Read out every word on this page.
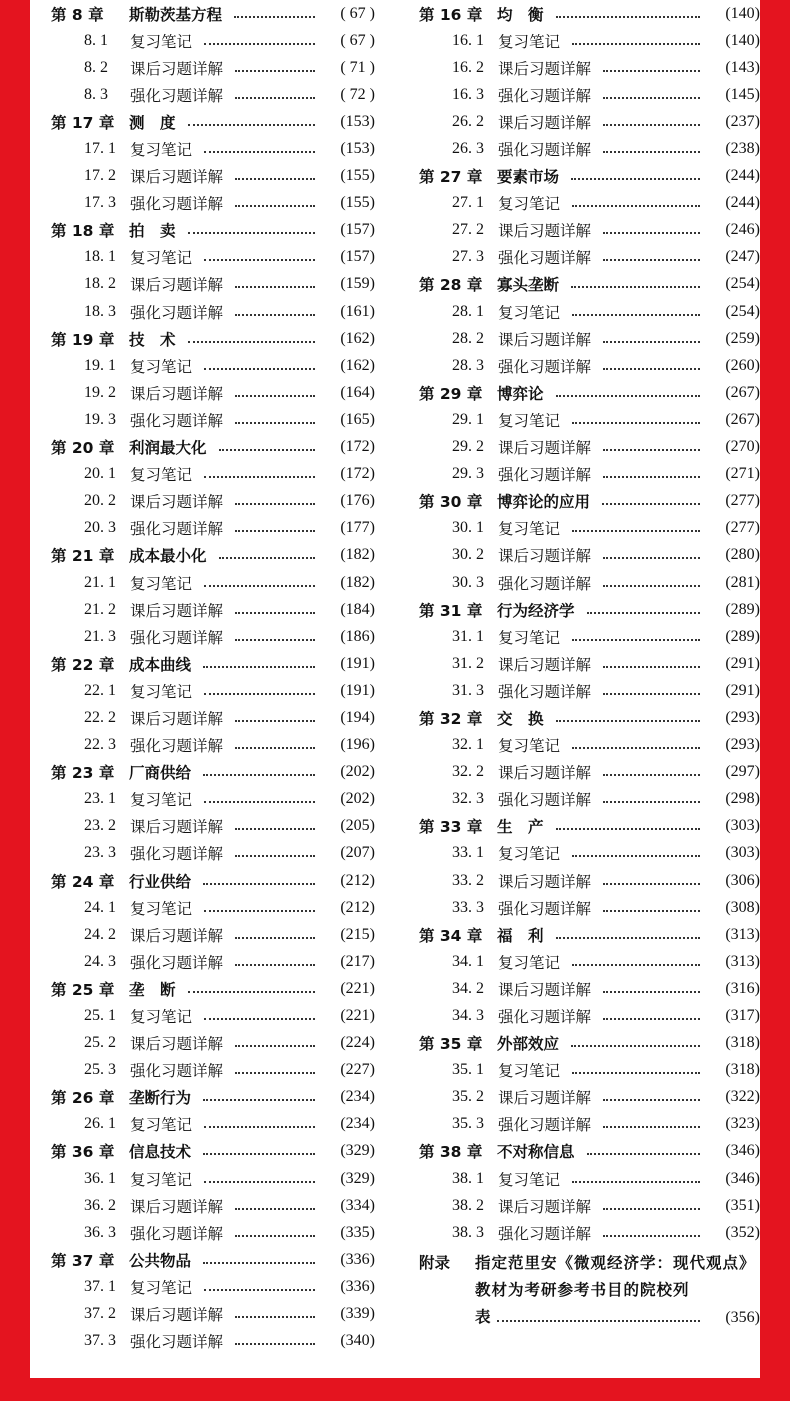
第 8 章	斯勒茨基方程	( 67 )
8. 1	复习笔记	( 67 )
8. 2	课后习题详解	( 71 )
8. 3	强化习题详解	( 72 )
第 17 章 测　度	(153)
17. 1 复习笔记	(153)
17. 2 课后习题详解	(155)
17. 3 强化习题详解	(155)
第 18 章 拍　卖	(157)
18. 1 复习笔记	(157)
18. 2 课后习题详解	(159)
18. 3 强化习题详解	(161)
第 19 章 技　术	(162)
19. 1 复习笔记	(162)
19. 2 课后习题详解	(164)
19. 3 强化习题详解	(165)
第 20 章 利润最大化	(172)
20. 1 复习笔记	(172)
20. 2 课后习题详解	(176)
20. 3 强化习题详解	(177)
第 21 章 成本最小化	(182)
21. 1 复习笔记	(182)
21. 2 课后习题详解	(184)
21. 3 强化习题详解	(186)
第 22 章 成本曲线	(191)
22. 1 复习笔记	(191)
22. 2 课后习题详解	(194)
22. 3 强化习题详解	(196)
第 23 章 厂商供给	(202)
23. 1 复习笔记	(202)
23. 2 课后习题详解	(205)
23. 3 强化习题详解	(207)
第 24 章 行业供给	(212)
24. 1 复习笔记	(212)
24. 2 课后习题详解	(215)
24. 3 强化习题详解	(217)
第 25 章 垄　断	(221)
25. 1 复习笔记	(221)
25. 2 课后习题详解	(224)
25. 3 强化习题详解	(227)
第 26 章 垄断行为	(234)
26. 1 复习笔记	(234)
第 36 章 信息技术	(329)
36. 1 复习笔记	(329)
36. 2 课后习题详解	(334)
36. 3 强化习题详解	(335)
第 37 章 公共物品	(336)
37. 1 复习笔记	(336)
37. 2 课后习题详解	(339)
37. 3 强化习题详解	(340)
第 16 章 均　衡	(140)
16. 1 复习笔记	(140)
16. 2 课后习题详解	(143)
16. 3 强化习题详解	(145)
26. 2 课后习题详解	(237)
26. 3 强化习题详解	(238)
第 27 章 要素市场	(244)
27. 1 复习笔记	(244)
27. 2 课后习题详解	(246)
27. 3 强化习题详解	(247)
第 28 章 寡头垄断	(254)
28. 1 复习笔记	(254)
28. 2 课后习题详解	(259)
28. 3 强化习题详解	(260)
第 29 章 博弈论	(267)
29. 1 复习笔记	(267)
29. 2 课后习题详解	(270)
29. 3 强化习题详解	(271)
第 30 章 博弈论的应用	(277)
30. 1 复习笔记	(277)
30. 2 课后习题详解	(280)
30. 3 强化习题详解	(281)
第 31 章 行为经济学	(289)
31. 1 复习笔记	(289)
31. 2 课后习题详解	(291)
31. 3 强化习题详解	(291)
第 32 章 交　换	(293)
32. 1 复习笔记	(293)
32. 2 课后习题详解	(297)
32. 3 强化习题详解	(298)
第 33 章 生　产	(303)
33. 1 复习笔记	(303)
33. 2 课后习题详解	(306)
33. 3 强化习题详解	(308)
第 34 章 福　利	(313)
34. 1 复习笔记	(313)
34. 2 课后习题详解	(316)
34. 3 强化习题详解	(317)
第 35 章 外部效应	(318)
35. 1 复习笔记	(318)
35. 2 课后习题详解	(322)
35. 3 强化习题详解	(323)
第 38 章 不对称信息	(346)
38. 1 复习笔记	(346)
38. 2 课后习题详解	(351)
38. 3 强化习题详解	(352)
附录 指定范里安《微观经济学：现代观点》教材为考研参考书目的院校列
表	(356)
